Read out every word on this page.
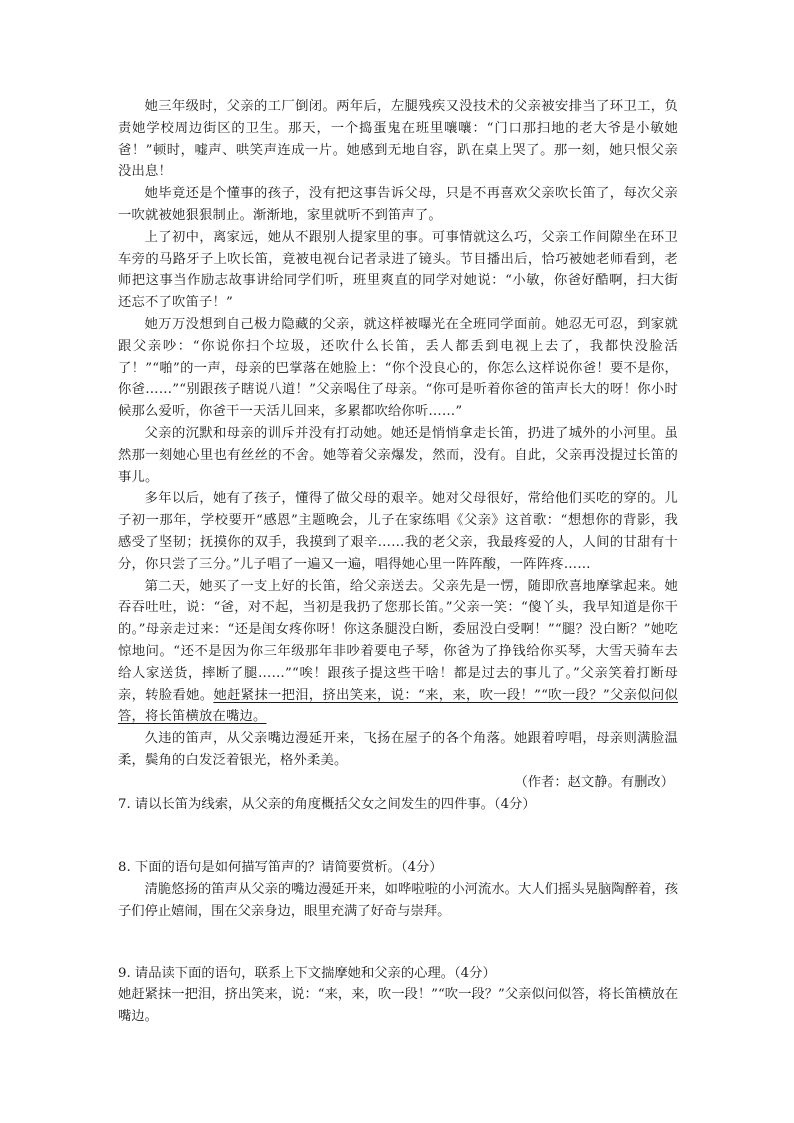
她三年级时，父亲的工厂倒闭。两年后，左腿残疾又没技术的父亲被安排当了环卫工，负责她学校周边街区的卫生。那天，一个捣蛋鬼在班里嚷嚷：“门口那扫地的老大爷是小敏她爸！”顿时，嘘声、哄笑声连成一片。她感到无地自容，趴在桌上哭了。那一刻，她只恨父亲没出息！

她毕竟还是个懂事的孩子，没有把这事告诉父母，只是不再喜欢父亲吹长笛了，每次父亲一吹就被她狠狠制止。渐渐地，家里就听不到笛声了。

上了初中，离家远，她从不跟别人提家里的事。可事情就这么巧，父亲工作间隙坐在环卫车旁的马路牙子上吹长笛，竟被电视台记者录进了镜头。节目播出后，恰巧被她老师看到，老师把这事当作励志故事讲给同学们听，班里爽直的同学对她说：“小敏，你爸好酷啊，扫大街还忘不了吹笛子！”

她万万没想到自己极力隐藏的父亲，就这样被曝光在全班同学面前。她忍无可忍，到家就跟父亲吵：“你说你扫个垃圾，还吹什么长笛，丢人都丢到电视上去了，我都快没脸活了！”“啪”的一声，母亲的巴掌落在她脸上：“你个没良心的，你怎么这样说你爸！要不是你，你爸……”“别跟孩子瞎说八道！”父亲喝住了母亲。“你可是听着你爸的笛声长大的呀！你小时候那么爱听，你爸干一天活儿回来，多累都吹给你听……”

父亲的沉默和母亲的训斥并没有打动她。她还是悄悄拿走长笛，扔进了城外的小河里。虽然那一刻她心里也有丝丝的不舍。她等着父亲爆发，然而，没有。自此，父亲再没提过长笛的事儿。

多年以后，她有了孩子，懂得了做父母的艰辛。她对父母很好，常给他们买吃的穿的。儿子初一那年，学校要开“感恩”主题晚会，儿子在家练唱《父亲》这首歌：“想想你的背影，我感受了坚韧；抚摸你的双手，我摸到了艰辛……我的老父亲，我最疼爱的人，人间的甘甜有十分，你只尝了三分。”儿子唱了一遍又一遍，唱得她心里一阵阵酸，一阵阵疼……

第二天，她买了一支上好的长笛，给父亲送去。父亲先是一愣，随即欣喜地摩挲起来。她吞吞吐吐，说：“爸，对不起，当初是我扔了您那长笛。”父亲一笑：“傻丫头，我早知道是你干的。”母亲走过来：“还是闺女疼你呀！你这条腿没白断，委屈没白受啊！”“腿？没白断？”她吃惊地问。“还不是因为你三年级那年非吵着要电子琴，你爸为了挣钱给你买琴，大雪天骑车去给人家送货，摔断了腿……”“唉！跟孩子提这些干啥！都是过去的事儿了。”父亲笑着打断母亲，转脸看她。她赶紧抹一把泪，挤出笑来，说：“来，来，吹一段！”“吹一段？”父亲似问似答，将长笛横放在嘴边。

久违的笛声，从父亲嘴边漫延开来，飞扬在屋子的各个角落。她跟着哼唱，母亲则满脸温柔，鬓角的白发泛着银光，格外柔美。

（作者：赵文静。有删改）

7. 请以长笛为线索，从父亲的角度概括父女之间发生的四件事。（4分）

8. 下面的语句是如何描写笛声的？请简要赏析。（4分）

清脆悠扬的笛声从父亲的嘴边漫延开来，如哗啦啦的小河流水。大人们摇头晃脑陶醉着，孩子们停止嬉闹，围在父亲身边，眼里充满了好奇与崇拜。

9. 请品读下面的语句，联系上下文揣摩她和父亲的心理。（4分）

她赶紧抹一把泪，挤出笑来，说：“来，来，吹一段！”“吹一段？”父亲似问似答，将长笛横放在嘴边。
